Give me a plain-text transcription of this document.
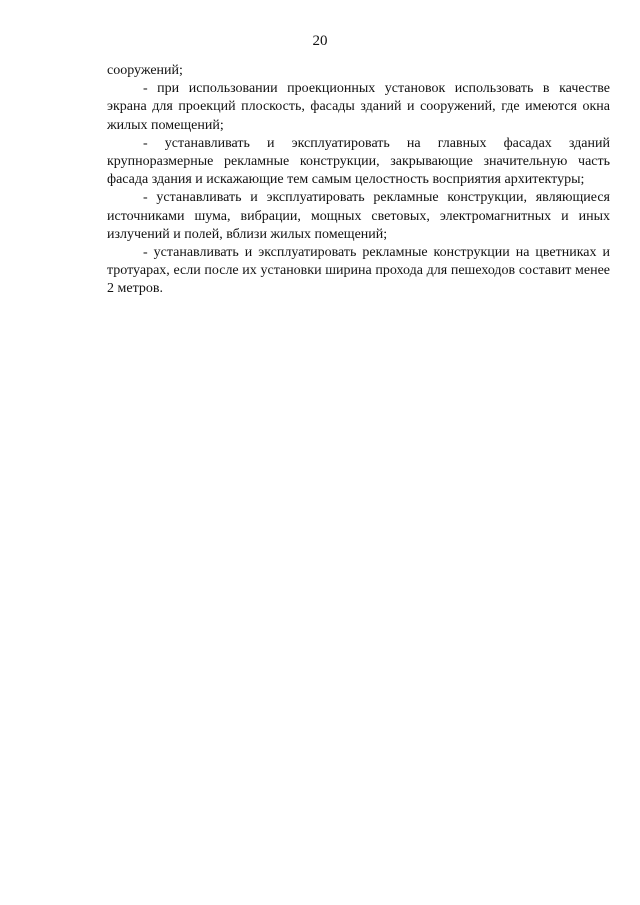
20

сооружений;

- при использовании проекционных установок использовать в качестве экрана для проекций плоскость, фасады зданий и сооружений, где имеются окна жилых помещений;

- устанавливать и эксплуатировать на главных фасадах зданий крупноразмерные рекламные конструкции, закрывающие значительную часть фасада здания и искажающие тем самым целостность восприятия архитектуры;

- устанавливать и эксплуатировать рекламные конструкции, являющиеся источниками шума, вибрации, мощных световых, электромагнитных и иных излучений и полей, вблизи жилых помещений;

- устанавливать и эксплуатировать рекламные конструкции на цветниках и тротуарах, если после их установки ширина прохода для пешеходов составит менее 2 метров.
